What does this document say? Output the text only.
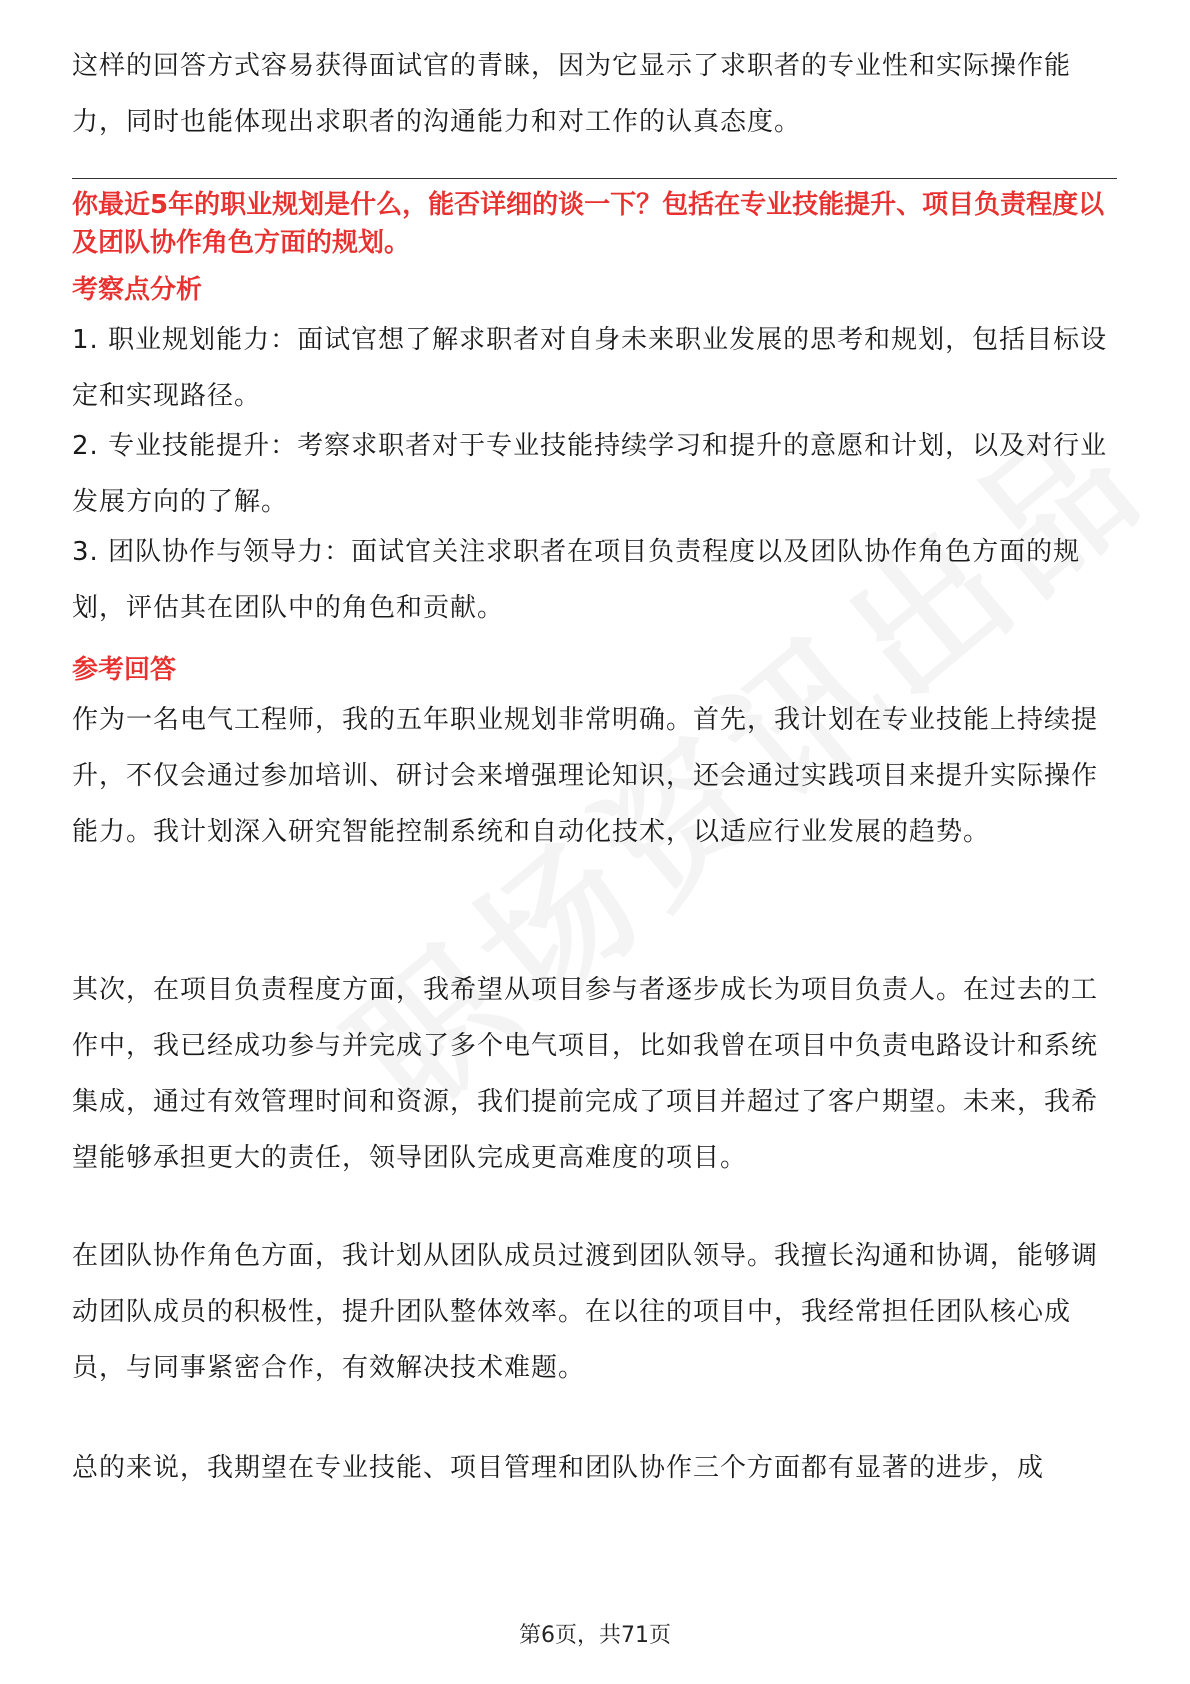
这样的回答方式容易获得面试官的青睐，因为它显示了求职者的专业性和实际操作能力，同时也能体现出求职者的沟通能力和对工作的认真态度。

你最近5年的职业规划是什么，能否详细的谈一下？包括在专业技能提升、项目负责程度以及团队协作角色方面的规划。

考察点分析

1. 职业规划能力：面试官想了解求职者对自身未来职业发展的思考和规划，包括目标设定和实现路径。

2. 专业技能提升：考察求职者对于专业技能持续学习和提升的意愿和计划，以及对行业发展方向的了解。

3. 团队协作与领导力：面试官关注求职者在项目负责程度以及团队协作角色方面的规划，评估其在团队中的角色和贡献。

参考回答

作为一名电气工程师，我的五年职业规划非常明确。首先，我计划在专业技能上持续提升，不仅会通过参加培训、研讨会来增强理论知识，还会通过实践项目来提升实际操作能力。我计划深入研究智能控制系统和自动化技术，以适应行业发展的趋势。

其次，在项目负责程度方面，我希望从项目参与者逐步成长为项目负责人。在过去的工作中，我已经成功参与并完成了多个电气项目，比如我曾在项目中负责电路设计和系统集成，通过有效管理时间和资源，我们提前完成了项目并超过了客户期望。未来，我希望能够承担更大的责任，领导团队完成更高难度的项目。

在团队协作角色方面，我计划从团队成员过渡到团队领导。我擅长沟通和协调，能够调动团队成员的积极性，提升团队整体效率。在以往的项目中，我经常担任团队核心成员，与同事紧密合作，有效解决技术难题。

总的来说，我期望在专业技能、项目管理和团队协作三个方面都有显著的进步，成

第6页，共71页
